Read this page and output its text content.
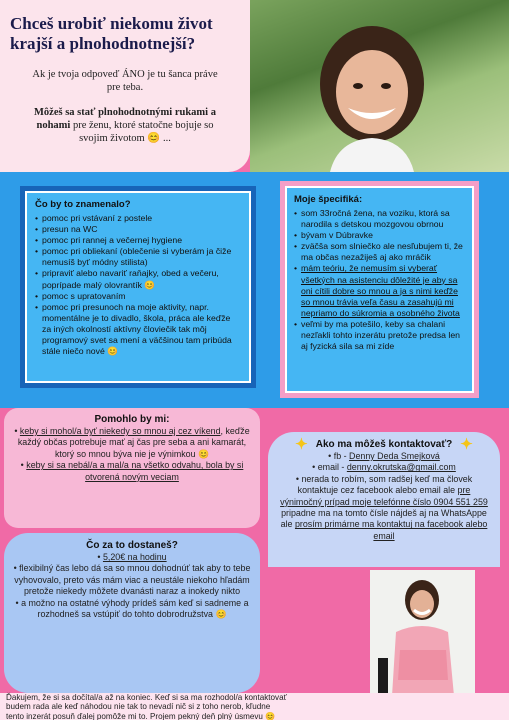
Chceš urobiť niekomu život
krajší a plnohodnotnejší?
Ak je tvoja odpoveď ÁNO je tu šanca práve
pre teba.
Môžeš sa stať plnohodnotnými rukami a
nohami pre ženu, ktoré statočne bojuje so
svojim životom 😊 ...
Čo by to znamenalo?
• pomoc pri vstávaní z postele
• presun na WC
• pomoc pri rannej a večernej hygiene
• pomoc pri obliekaní (oblečenie si vyberám ja čiže nemusíš byť módny stilista)
• pripraviť alebo navariť raňajky, obed a večeru, poprípade malý olovrantík 😊
• pomoc s upratovaním
• pomoc pri presunoch na moje aktivity, napr. momentálne je to divadlo, škola, práca ale keďže za iných okolností aktívny človiečik tak môj programový svet sa mení a väčšinou tam pribúda stále niečo nové 😊
Moje špecifiká:
• som 33ročná žena, na voziku, ktorá sa narodila s detskou mozgovou obrnou
• bývam v Dúbravke
• zväčša som slniečko ale nesľubujem ti, že ma občas nezažiješ aj ako mráčik
• mám teóriu, že nemusím si vyberať všetkých na asistenciu dôležité je aby sa oni cítili dobre so mnou a ja s nimi keďže so mnou trávia veľa času a zasahujú mi nepriamo do súkromia a osobného života
• veľmi by ma potešilo, keby sa chalani nezľakli tohto inzerátu pretože predsa len aj fyzická sila sa mi zíde
Pomohlo by mi:
• keby si mohol/a byť niekedy so mnou aj cez víkend, keďže každý občas potrebuje mať aj čas pre seba a ani kamarát, ktorý so mnou býva nie je výnimkou 😊
• keby si sa nebál/a a mal/a na všetko odvahu, bola by si otvorená novým veciam
Čo za to dostaneš?
• 5,20€ na hodinu
• flexibilný čas lebo dá sa so mnou dohodnúť tak aby to tebe vyhovovalo, preto vás mám viac a neustále niekoho hľadám pretože niekedy môžete dvanásti naraz a inokedy nikto
• a možno na ostatné výhody prídeš sám keď si sadneme a rozhodneš sa vstúpiť do tohto dobrodružstva 😊
✦ Ako ma môžeš kontaktovať? ✦
• fb - Denny Deda Smejková
• email - denny.okrutska@gmail.com
• nerada to robím, som radšej keď ma človek kontaktuje cez facebook alebo email ale pre výnimočný prípad moje telefónne číslo 0904 551 259 pripadne ma na tomto čísle nájdeš aj na WhatsAppe ale prosím primárne ma kontaktuj na facebook alebo email

Ďakujem, že si sa dočítal/a až na koniec. Keď si sa ma rozhodol/a kontaktovať

budem rada ale keď náhodou nie tak to nevadí nič si z toho nerob, kľudne

tento inzerát posuň ďalej pomôže mi to. Projem pekný deň plný úsmevu 😊
